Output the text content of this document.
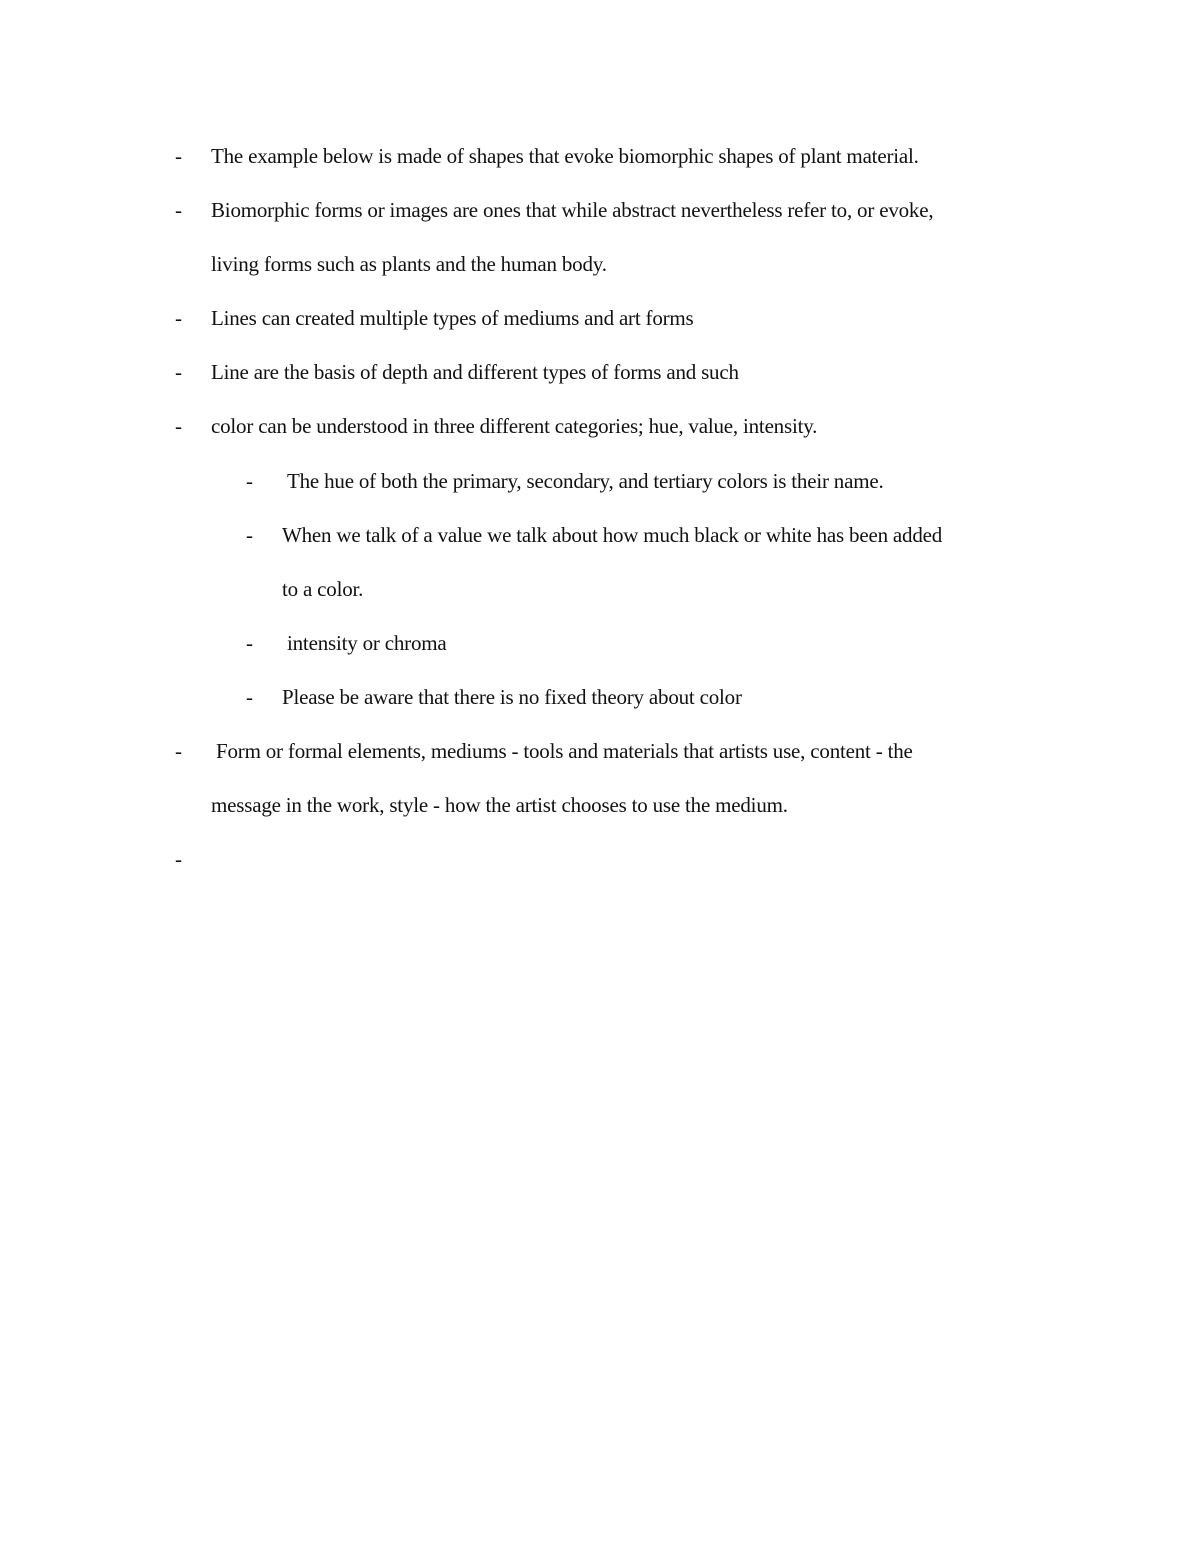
- The example below is made of shapes that evoke biomorphic shapes of plant material.
- Biomorphic forms or images are ones that while abstract nevertheless refer to, or evoke,
living forms such as plants and the human body.
- Lines can created multiple types of mediums and art forms
- Line are the basis of depth and different types of forms and such
- color can be understood in three different categories; hue, value, intensity.
- The hue of both the primary, secondary, and tertiary colors is their name.
- When we talk of a value we talk about how much black or white has been added
to a color.
- intensity or chroma
- Please be aware that there is no fixed theory about color
- Form or formal elements, mediums - tools and materials that artists use, content - the
message in the work, style - how the artist chooses to use the medium.
-
